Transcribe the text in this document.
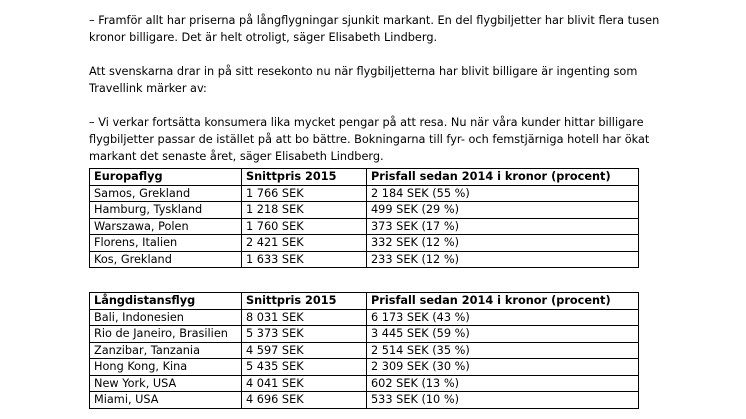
– Framför allt har priserna på långflygningar sjunkit markant. En del flygbiljetter har blivit flera tusen

kronor billigare. Det är helt otroligt, säger Elisabeth Lindberg.

Att svenskarna drar in på sitt resekonto nu när flygbiljetterna har blivit billigare är ingenting som

Travellink märker av:

– Vi verkar fortsätta konsumera lika mycket pengar på att resa. Nu när våra kunder hittar billigare

flygbiljetter passar de istället på att bo bättre. Bokningarna till fyr- och femstjärniga hotell har ökat

markant det senaste året, säger Elisabeth Lindberg.

Europaflyg	Snittpris 2015	Prisfall sedan 2014 i kronor (procent)
Samos, Grekland	1 766 SEK	2 184 SEK (55 %)
Hamburg, Tyskland	1 218 SEK	499 SEK (29 %)
Warszawa, Polen	1 760 SEK	373 SEK (17 %)
Florens, Italien	2 421 SEK	332 SEK (12 %)
Kos, Grekland	1 633 SEK	233 SEK (12 %)
Långdistansflyg	Snittpris 2015	Prisfall sedan 2014 i kronor (procent)
Bali, Indonesien	8 031 SEK	6 173 SEK (43 %)
Rio de Janeiro, Brasilien	5 373 SEK	3 445 SEK (59 %)
Zanzibar, Tanzania	4 597 SEK	2 514 SEK (35 %)
Hong Kong, Kina	5 435 SEK	2 309 SEK (30 %)
New York, USA	4 041 SEK	602 SEK (13 %)
Miami, USA	4 696 SEK	533 SEK (10 %)
